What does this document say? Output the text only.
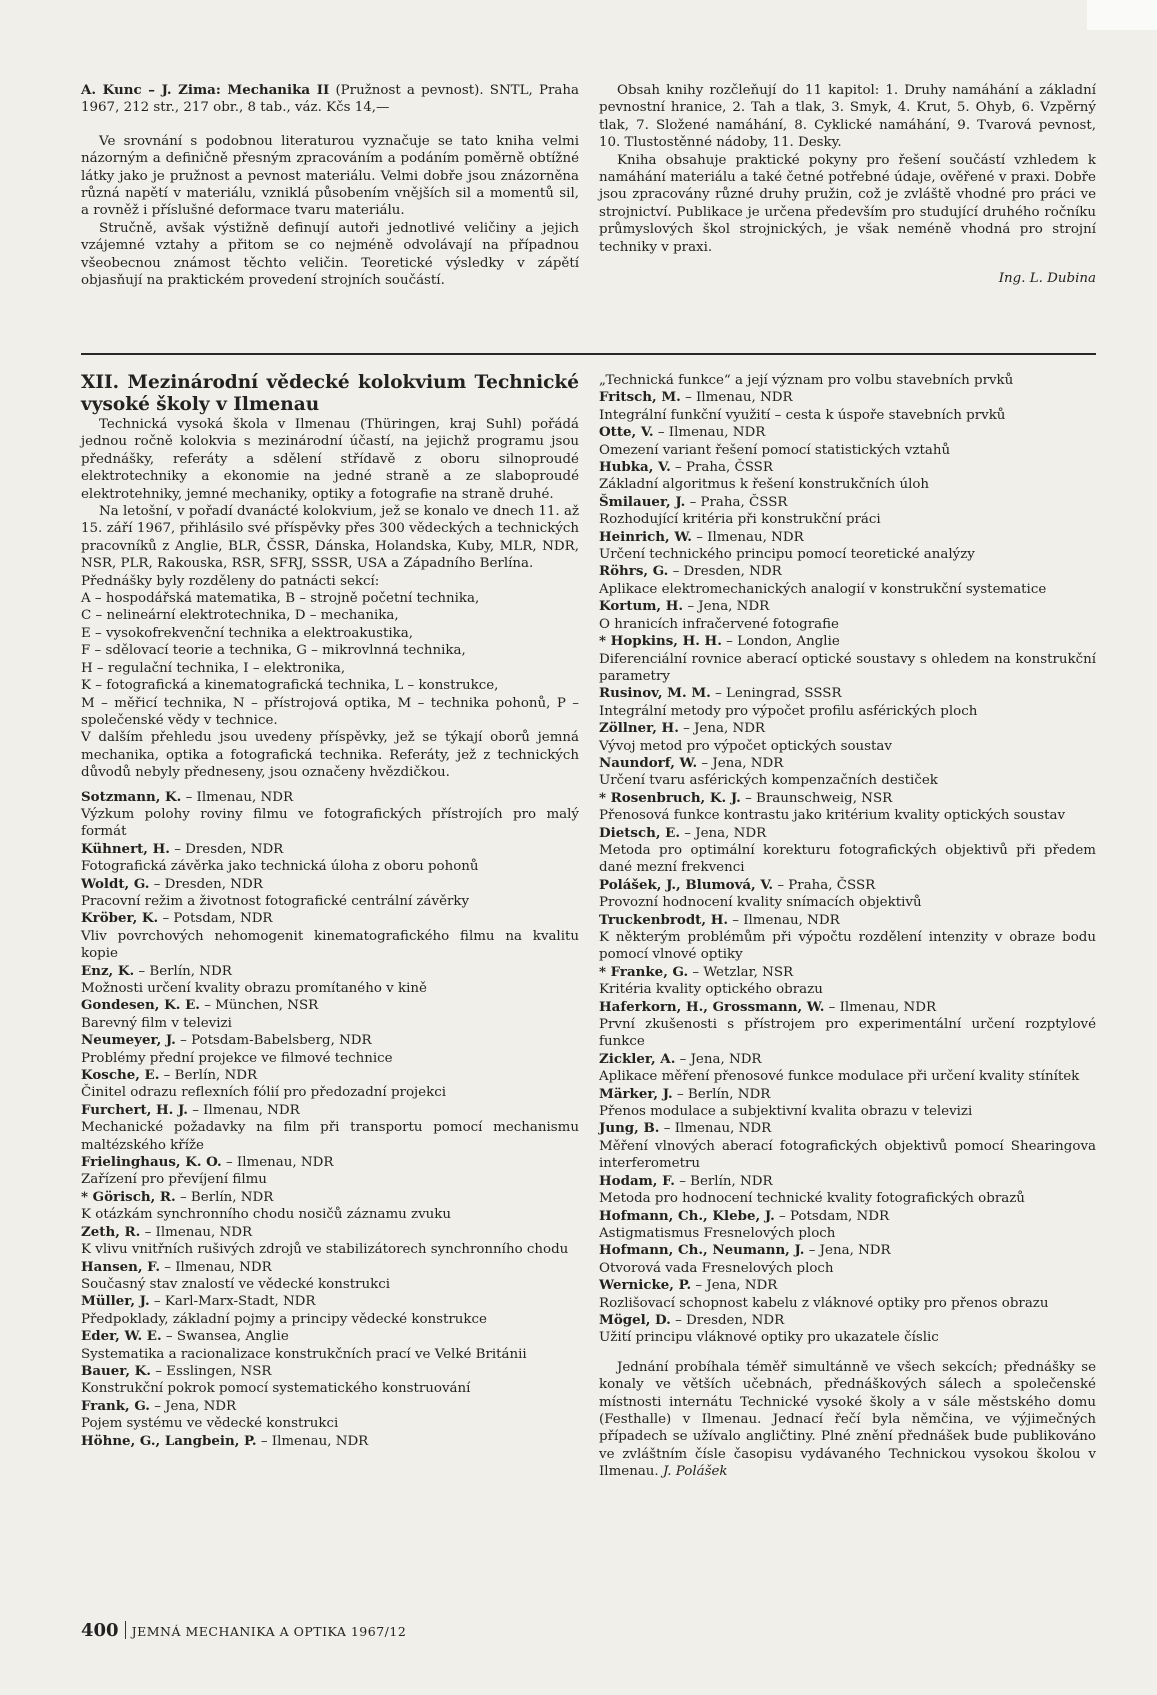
A. Kunc – J. Zima: Mechanika II (Pružnost a pevnost). SNTL, Praha 1967, 212 str., 217 obr., 8 tab., váz. Kčs 14,—

Ve srovnání s podobnou literaturou vyznačuje se tato kniha velmi názorným a definičně přesným zpracováním a podáním poměrně obtížné látky jako je pružnost a pevnost materiálu. Velmi dobře jsou znázorněna různá napětí v materiálu, vzniklá působením vnějších sil a momentů sil, a rovněž i příslušné deformace tvaru materiálu.

Stručně, avšak výstižně definují autoři jednotlivé veličiny a jejich vzájemné vztahy a přitom se co nejméně odvolávají na případnou všeobecnou známost těchto veličin. Teoretické výsledky v zápětí objasňují na praktickém provedení strojních součástí.

Obsah knihy rozčleňují do 11 kapitol: 1. Druhy namáhání a základní pevnostní hranice, 2. Tah a tlak, 3. Smyk, 4. Krut, 5. Ohyb, 6. Vzpěrný tlak, 7. Složené namáhání, 8. Cyklické namáhání, 9. Tvarová pevnost, 10. Tlustostěnné nádoby, 11. Desky.

Kniha obsahuje praktické pokyny pro řešení součástí vzhledem k namáhání materiálu a také četné potřebné údaje, ověřené v praxi. Dobře jsou zpracovány různé druhy pružin, což je zvláště vhodné pro práci ve strojnictví. Publikace je určena především pro studující druhého ročníku průmyslových škol strojnických, je však neméně vhodná pro strojní techniky v praxi.

Ing. L. Dubina

XII. Mezinárodní vědecké kolokvium Technické vysoké školy v Ilmenau

Technická vysoká škola v Ilmenau (Thüringen, kraj Suhl) pořádá jednou ročně kolokvia s mezinárodní účastí, na jejichž programu jsou přednášky, referáty a sdělení střídavě z oboru silnoproudé elektrotechniky a ekonomie na jedné straně a ze slaboproudé elektrotehniky, jemné mechaniky, optiky a fotografie na straně druhé.

Na letošní, v pořadí dvanácté kolokvium, jež se konalo ve dnech 11. až 15. září 1967, přihlásilo své příspěvky přes 300 vědeckých a technických pracovníků z Anglie, BLR, ČSSR, Dánska, Holandska, Kuby, MLR, NDR, NSR, PLR, Rakouska, RSR, SFRJ, SSSR, USA a Západního Berlína.

Přednášky byly rozděleny do patnácti sekcí:

A – hospodářská matematika, B – strojně početní technika,

C – nelineární elektrotechnika, D – mechanika,

E – vysokofrekvenční technika a elektroakustika,

F – sdělovací teorie a technika, G – mikrovlnná technika,

H – regulační technika, I – elektronika,

K – fotografická a kinematografická technika, L – konstrukce,

M – měřicí technika, N – přístrojová optika, M – technika pohonů, P – společenské vědy v technice.

V dalším přehledu jsou uvedeny příspěvky, jež se týkají oborů jemná mechanika, optika a fotografická technika. Referáty, jež z technických důvodů nebyly předneseny, jsou označeny hvězdičkou.

Sotzmann, K. – Ilmenau, NDR
Výzkum polohy roviny filmu ve fotografických přístrojích pro malý formát
Kühnert, H. – Dresden, NDR
Fotografická závěrka jako technická úloha z oboru pohonů
Woldt, G. – Dresden, NDR
Pracovní režim a životnost fotografické centrální závěrky
Kröber, K. – Potsdam, NDR
Vliv povrchových nehomogenit kinematografického filmu na kvalitu kopie
Enz, K. – Berlín, NDR
Možnosti určení kvality obrazu promítaného v kině
Gondesen, K. E. – München, NSR
Barevný film v televizi
Neumeyer, J. – Potsdam-Babelsberg, NDR
Problémy přední projekce ve filmové technice
Kosche, E. – Berlín, NDR
Činitel odrazu reflexních fólií pro předozadní projekci
Furchert, H. J. – Ilmenau, NDR
Mechanické požadavky na film při transportu pomocí mechanismu maltézského kříže
Frielinghaus, K. O. – Ilmenau, NDR
Zařízení pro převíjení filmu
* Görisch, R. – Berlín, NDR
K otázkám synchronního chodu nosičů záznamu zvuku
Zeth, R. – Ilmenau, NDR
K vlivu vnitřních rušivých zdrojů ve stabilizátorech synchronního chodu
Hansen, F. – Ilmenau, NDR
Současný stav znalostí ve vědecké konstrukci
Müller, J. – Karl-Marx-Stadt, NDR
Předpoklady, základní pojmy a principy vědecké konstrukce
Eder, W. E. – Swansea, Anglie
Systematika a racionalizace konstrukčních prací ve Velké Británii
Bauer, K. – Esslingen, NSR
Konstrukční pokrok pomocí systematického konstruování
Frank, G. – Jena, NDR
Pojem systému ve vědecké konstrukci
Höhne, G., Langbein, P. – Ilmenau, NDR

„Technická funkce“ a její význam pro volbu stavebních prvků

Fritsch, M. – Ilmenau, NDR
Integrální funkční využití – cesta k úspoře stavebních prvků
Otte, V. – Ilmenau, NDR
Omezení variant řešení pomocí statistických vztahů
Hubka, V. – Praha, ČSSR
Základní algoritmus k řešení konstrukčních úloh
Šmilauer, J. – Praha, ČSSR
Rozhodující kritéria při konstrukční práci
Heinrich, W. – Ilmenau, NDR
Určení technického principu pomocí teoretické analýzy
Röhrs, G. – Dresden, NDR
Aplikace elektromechanických analogií v konstrukční systematice
Kortum, H. – Jena, NDR
O hranicích infračervené fotografie
* Hopkins, H. H. – London, Anglie
Diferenciální rovnice aberací optické soustavy s ohledem na konstrukční parametry
Rusinov, M. M. – Leningrad, SSSR
Integrální metody pro výpočet profilu asférických ploch
Zöllner, H. – Jena, NDR
Vývoj metod pro výpočet optických soustav
Naundorf, W. – Jena, NDR
Určení tvaru asférických kompenzačních destiček
* Rosenbruch, K. J. – Braunschweig, NSR
Přenosová funkce kontrastu jako kritérium kvality optických soustav
Dietsch, E. – Jena, NDR
Metoda pro optimální korekturu fotografických objektivů při předem dané mezní frekvenci
Polášek, J., Blumová, V. – Praha, ČSSR
Provozní hodnocení kvality snímacích objektivů
Truckenbrodt, H. – Ilmenau, NDR
K některým problémům při výpočtu rozdělení intenzity v obraze bodu pomocí vlnové optiky
* Franke, G. – Wetzlar, NSR
Kritéria kvality optického obrazu
Haferkorn, H., Grossmann, W. – Ilmenau, NDR
První zkušenosti s přístrojem pro experimentální určení rozptylové funkce
Zickler, A. – Jena, NDR
Aplikace měření přenosové funkce modulace při určení kvality stínítek
Märker, J. – Berlín, NDR
Přenos modulace a subjektivní kvalita obrazu v televizi
Jung, B. – Ilmenau, NDR
Měření vlnových aberací fotografických objektivů pomocí Shearingova interferometru
Hodam, F. – Berlín, NDR
Metoda pro hodnocení technické kvality fotografických obrazů
Hofmann, Ch., Klebe, J. – Potsdam, NDR
Astigmatismus Fresnelových ploch
Hofmann, Ch., Neumann, J. – Jena, NDR
Otvorová vada Fresnelových ploch
Wernicke, P. – Jena, NDR
Rozlišovací schopnost kabelu z vláknové optiky pro přenos obrazu
Mögel, D. – Dresden, NDR
Užití principu vláknové optiky pro ukazatele číslic

Jednání probíhala téměř simultánně ve všech sekcích; přednášky se konaly ve větších učebnách, přednáškových sálech a společenské místnosti internátu Technické vysoké školy a v sále městského domu (Festhalle) v Ilmenau. Jednací řečí byla němčina, ve výjimečných případech se užívalo angličtiny. Plné znění přednášek bude publikováno ve zvláštním čísle časopisu vydávaného Technickou vysokou školou v Ilmenau. J. Polášek

400 JEMNÁ MECHANIKA A OPTIKA 1967/12
